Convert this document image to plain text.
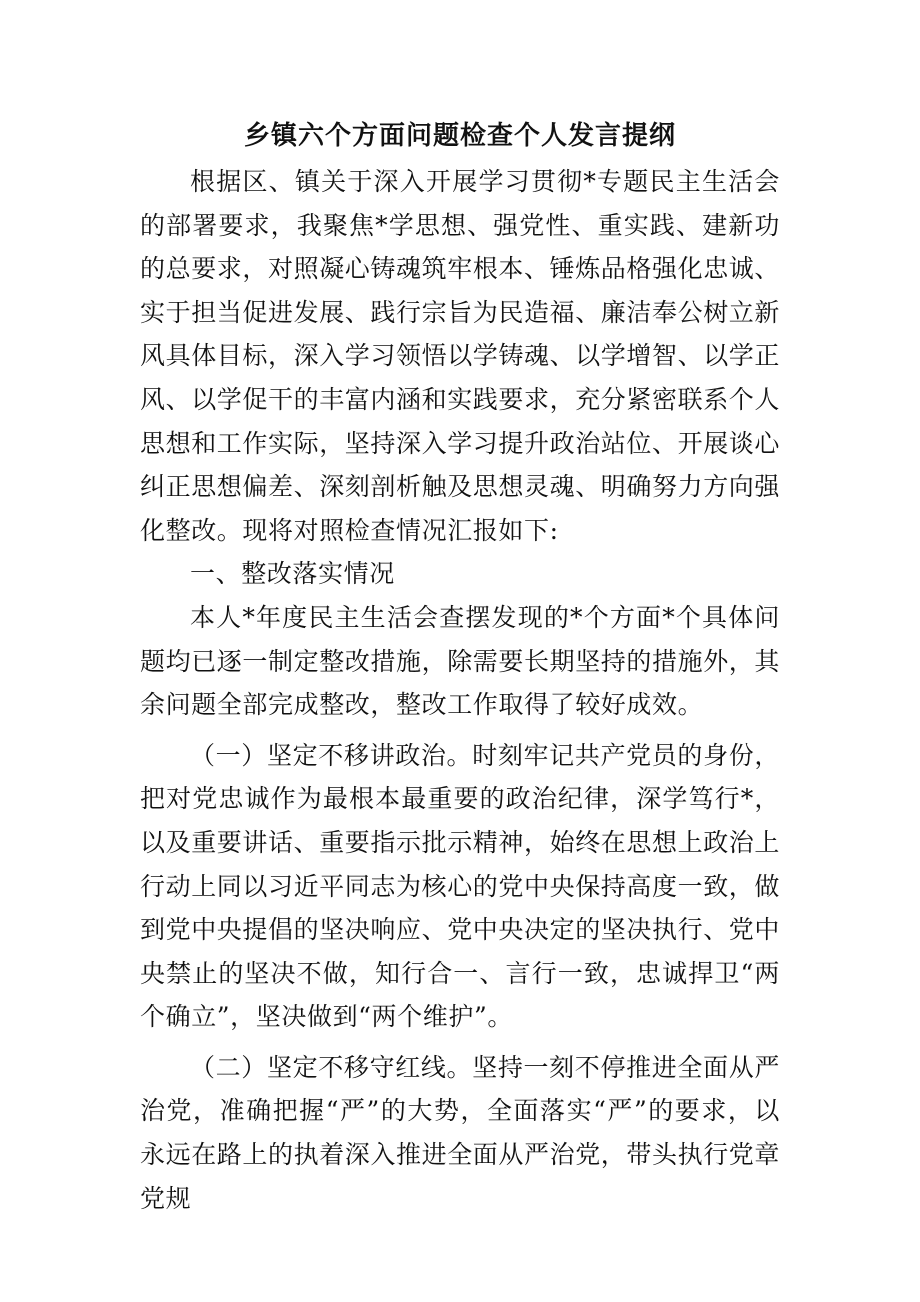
乡镇六个方面问题检查个人发言提纲

根据区、镇关于深入开展学习贯彻*专题民主生活会的部署要求，我聚焦*学思想、强党性、重实践、建新功的总要求，对照凝心铸魂筑牢根本、锤炼品格强化忠诚、实于担当促进发展、践行宗旨为民造福、廉洁奉公树立新风具体目标，深入学习领悟以学铸魂、以学增智、以学正风、以学促干的丰富内涵和实践要求，充分紧密联系个人思想和工作实际，坚持深入学习提升政治站位、开展谈心纠正思想偏差、深刻剖析触及思想灵魂、明确努力方向强化整改。现将对照检查情况汇报如下:

一、整改落实情况

本人*年度民主生活会查摆发现的*个方面*个具体问题均已逐一制定整改措施，除需要长期坚持的措施外，其余问题全部完成整改，整改工作取得了较好成效。

（一）坚定不移讲政治。时刻牢记共产党员的身份，把对党忠诚作为最根本最重要的政治纪律，深学笃行*，以及重要讲话、重要指示批示精神，始终在思想上政治上行动上同以习近平同志为核心的党中央保持高度一致，做到党中央提倡的坚决响应、党中央决定的坚决执行、党中央禁止的坚决不做，知行合一、言行一致，忠诚捍卫“两个确立”，坚决做到“两个维护”。

（二）坚定不移守红线。坚持一刻不停推进全面从严治党，准确把握“严”的大势，全面落实“严”的要求，以永远在路上的执着深入推进全面从严治党，带头执行党章党规
